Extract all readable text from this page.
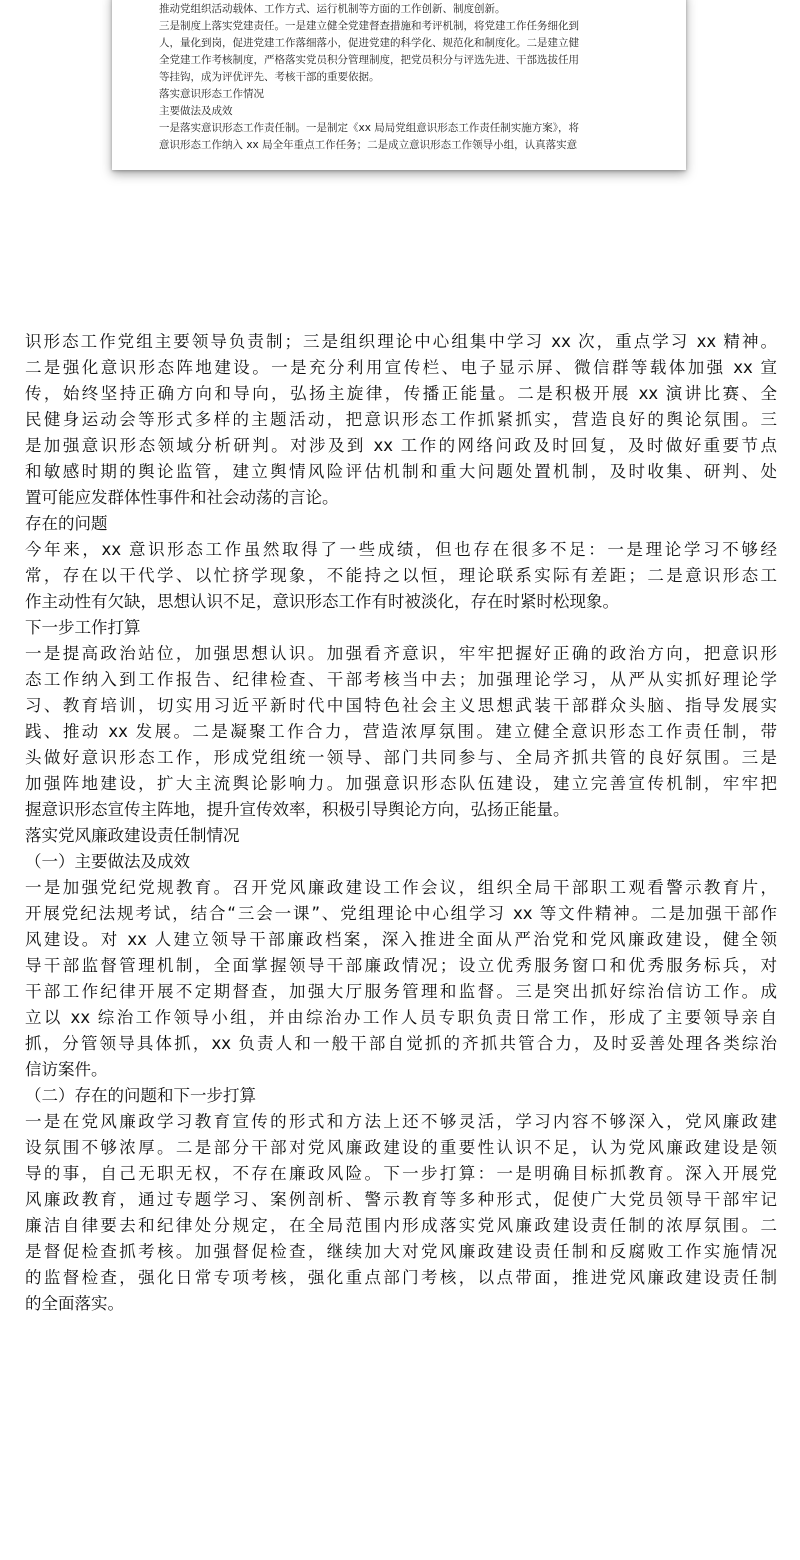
推动党组织活动载体、工作方式、运行机制等方面的工作创新、制度创新。
三是制度上落实党建责任。一是建立健全党建督查措施和考评机制，将党建工作任务细化到
人，量化到岗，促进党建工作落细落小，促进党建的科学化、规范化和制度化。二是建立健
全党建工作考核制度，严格落实党员积分管理制度，把党员积分与评选先进、干部选拔任用
等挂钩，成为评优评先、考核干部的重要依据。
落实意识形态工作情况
主要做法及成效
一是落实意识形态工作责任制。一是制定《xx 局局党组意识形态工作责任制实施方案》，将
意识形态工作纳入 xx 局全年重点工作任务；二是成立意识形态工作领导小组，认真落实意
识形态工作党组主要领导负责制；三是组织理论中心组集中学习 xx 次，重点学习 xx 精神。
二是强化意识形态阵地建设。一是充分利用宣传栏、电子显示屏、微信群等载体加强 xx 宣
传，始终坚持正确方向和导向，弘扬主旋律，传播正能量。二是积极开展 xx 演讲比赛、全
民健身运动会等形式多样的主题活动，把意识形态工作抓紧抓实，营造良好的舆论氛围。三
是加强意识形态领域分析研判。对涉及到 xx 工作的网络问政及时回复，及时做好重要节点
和敏感时期的舆论监管，建立舆情风险评估机制和重大问题处置机制，及时收集、研判、处
置可能应发群体性事件和社会动荡的言论。
存在的问题
今年来，xx 意识形态工作虽然取得了一些成绩，但也存在很多不足：一是理论学习不够经
常，存在以干代学、以忙挤学现象，不能持之以恒，理论联系实际有差距；二是意识形态工
作主动性有欠缺，思想认识不足，意识形态工作有时被淡化，存在时紧时松现象。
下一步工作打算
一是提高政治站位，加强思想认识。加强看齐意识，牢牢把握好正确的政治方向，把意识形
态工作纳入到工作报告、纪律检查、干部考核当中去；加强理论学习，从严从实抓好理论学
习、教育培训，切实用习近平新时代中国特色社会主义思想武装干部群众头脑、指导发展实
践、推动 xx 发展。二是凝聚工作合力，营造浓厚氛围。建立健全意识形态工作责任制，带
头做好意识形态工作，形成党组统一领导、部门共同参与、全局齐抓共管的良好氛围。三是
加强阵地建设，扩大主流舆论影响力。加强意识形态队伍建设，建立完善宣传机制，牢牢把
握意识形态宣传主阵地，提升宣传效率，积极引导舆论方向，弘扬正能量。
落实党风廉政建设责任制情况
（一）主要做法及成效
一是加强党纪党规教育。召开党风廉政建设工作会议，组织全局干部职工观看警示教育片，
开展党纪法规考试，结合“三会一课”、党组理论中心组学习 xx 等文件精神。二是加强干部作
风建设。对 xx 人建立领导干部廉政档案，深入推进全面从严治党和党风廉政建设，健全领
导干部监督管理机制，全面掌握领导干部廉政情况；设立优秀服务窗口和优秀服务标兵，对
干部工作纪律开展不定期督查，加强大厅服务管理和监督。三是突出抓好综治信访工作。成
立以 xx 综治工作领导小组，并由综治办工作人员专职负责日常工作，形成了主要领导亲自
抓，分管领导具体抓，xx 负责人和一般干部自觉抓的齐抓共管合力，及时妥善处理各类综治
信访案件。
（二）存在的问题和下一步打算
一是在党风廉政学习教育宣传的形式和方法上还不够灵活，学习内容不够深入，党风廉政建
设氛围不够浓厚。二是部分干部对党风廉政建设的重要性认识不足，认为党风廉政建设是领
导的事，自己无职无权，不存在廉政风险。下一步打算：一是明确目标抓教育。深入开展党
风廉政教育，通过专题学习、案例剖析、警示教育等多种形式，促使广大党员领导干部牢记
廉洁自律要去和纪律处分规定，在全局范围内形成落实党风廉政建设责任制的浓厚氛围。二
是督促检查抓考核。加强督促检查，继续加大对党风廉政建设责任制和反腐败工作实施情况
的监督检查，强化日常专项考核，强化重点部门考核，以点带面，推进党风廉政建设责任制
的全面落实。
